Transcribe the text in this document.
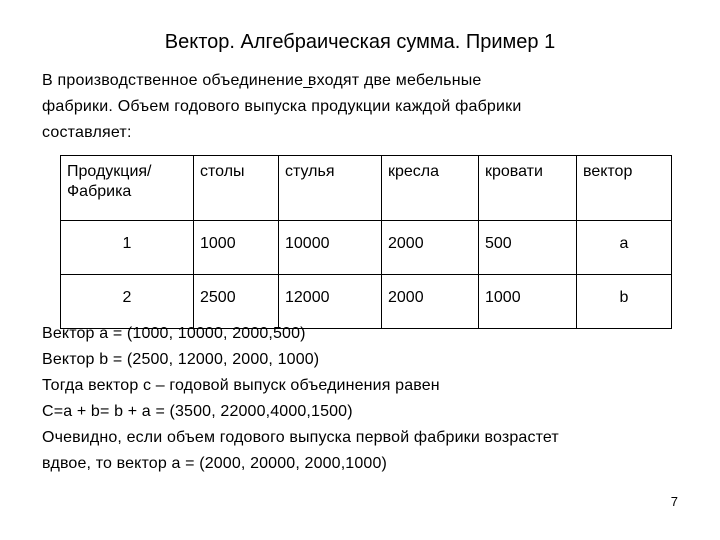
Вектор. Алгебраическая сумма. Пример 1
В производственное объединение ̲входят две мебельные
фабрики. Объем годового выпуска продукции каждой фабрики
составляет:
Продукция/
Фабрика	столы	стулья	кресла	кровати	вектор
1	1000	10000	2000	500	a
2	2500	12000	2000	1000	b
Вектор a = (1000, 10000, 2000,500)
Вектор b = (2500, 12000, 2000, 1000)
Тогда вектор c – годовой выпуск объединения равен
C=a + b= b + a = (3500, 22000,4000,1500)
Очевидно, если объем годового выпуска первой фабрики возрастет
вдвое, то вектор a = (2000, 20000, 2000,1000)
7
